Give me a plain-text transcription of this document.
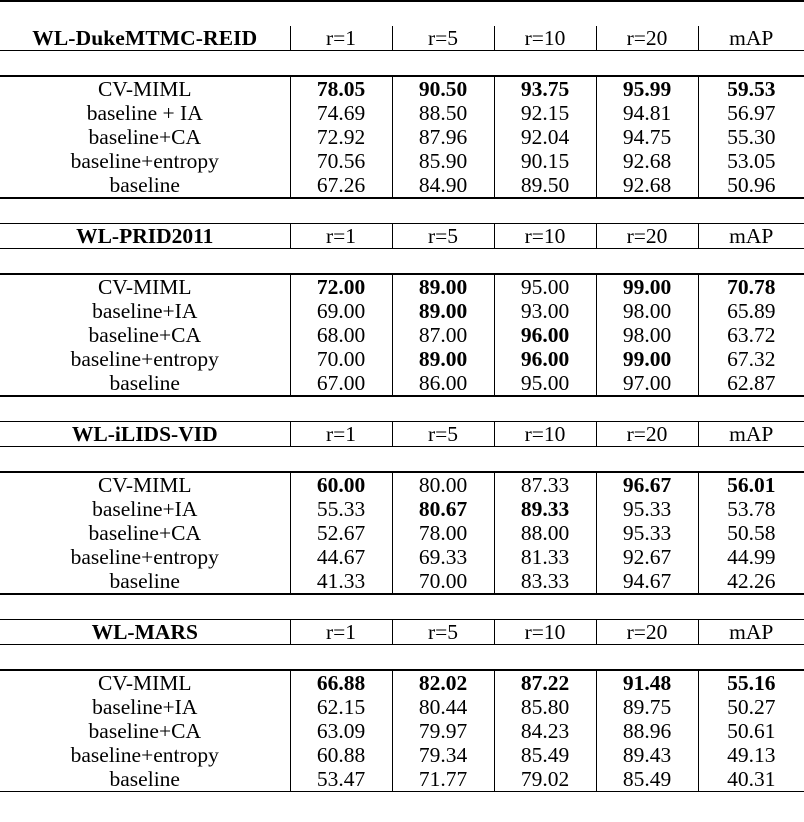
WL-DukeMTMC-REID	r=1	r=5	r=10	r=20	mAP

CV-MIML	78.05	90.50	93.75	95.99	59.53
baseline + IA	74.69	88.50	92.15	94.81	56.97
baseline+CA	72.92	87.96	92.04	94.75	55.30
baseline+entropy	70.56	85.90	90.15	92.68	53.05
baseline	67.26	84.90	89.50	92.68	50.96

WL-PRID2011	r=1	r=5	r=10	r=20	mAP

CV-MIML	72.00	89.00	95.00	99.00	70.78
baseline+IA	69.00	89.00	93.00	98.00	65.89
baseline+CA	68.00	87.00	96.00	98.00	63.72
baseline+entropy	70.00	89.00	96.00	99.00	67.32
baseline	67.00	86.00	95.00	97.00	62.87

WL-iLIDS-VID	r=1	r=5	r=10	r=20	mAP

CV-MIML	60.00	80.00	87.33	96.67	56.01
baseline+IA	55.33	80.67	89.33	95.33	53.78
baseline+CA	52.67	78.00	88.00	95.33	50.58
baseline+entropy	44.67	69.33	81.33	92.67	44.99
baseline	41.33	70.00	83.33	94.67	42.26

WL-MARS	r=1	r=5	r=10	r=20	mAP

CV-MIML	66.88	82.02	87.22	91.48	55.16
baseline+IA	62.15	80.44	85.80	89.75	50.27
baseline+CA	63.09	79.97	84.23	88.96	50.61
baseline+entropy	60.88	79.34	85.49	89.43	49.13
baseline	53.47	71.77	79.02	85.49	40.31
